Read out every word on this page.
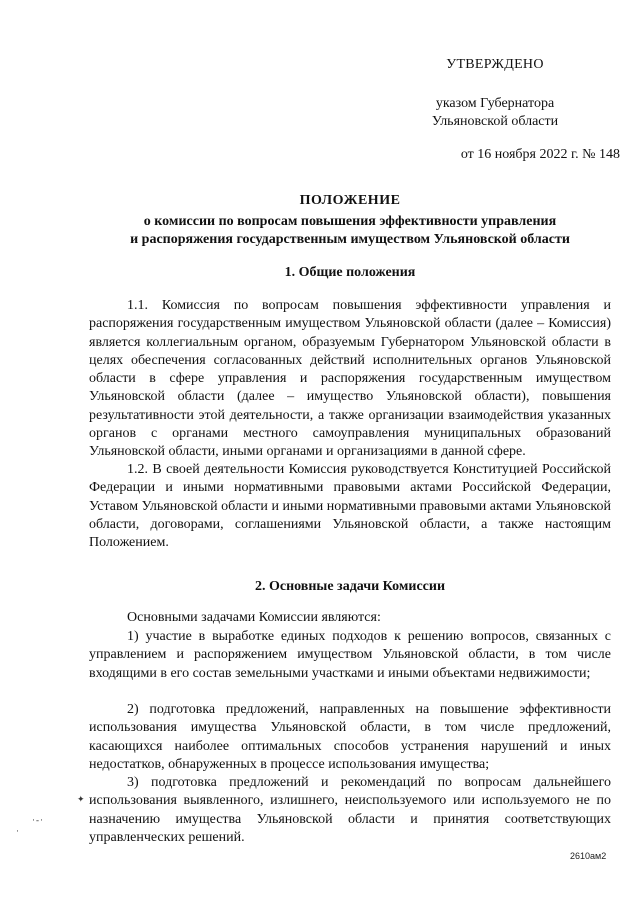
УТВЕРЖДЕНО
указом Губернатора
Ульяновской области
от 16 ноября 2022 г. № 148
ПОЛОЖЕНИЕ
о комиссии по вопросам повышения эффективности управления
и распоряжения государственным имуществом Ульяновской области
1. Общие положения

1.1. Комиссия по вопросам повышения эффективности управления и распоряжения государственным имуществом Ульяновской области (далее – Комиссия) является коллегиальным органом, образуемым Губернатором Ульяновской области в целях обеспечения согласованных действий исполнительных органов Ульяновской области в сфере управления и распоряжения государственным имуществом Ульяновской области (далее – имущество Ульяновской области), повышения результативности этой деятельности, а также организации взаимодействия указанных органов с органами местного самоуправления муниципальных образований Ульяновской области, иными органами и организациями в данной сфере.

1.2. В своей деятельности Комиссия руководствуется Конституцией Российской Федерации и иными нормативными правовыми актами Российской Федерации, Уставом Ульяновской области и иными нормативными правовыми актами Ульяновской области, договорами, соглашениями Ульяновской области, а также настоящим Положением.

2. Основные задачи Комиссии

Основными задачами Комиссии являются:

1) участие в выработке единых подходов к решению вопросов, связанных с управлением и распоряжением имуществом Ульяновской области, в том числе входящими в его состав земельными участками и иными объектами недвижимости;

2) подготовка предложений, направленных на повышение эффективности использования имущества Ульяновской области, в том числе предложений, касающихся наиболее оптимальных способов устранения нарушений и иных недостатков, обнаруженных в процессе использования имущества;

3) подготовка предложений и рекомендаций по вопросам дальнейшего использования выявленного, излишнего, неиспользуемого или используемого не по назначению имущества Ульяновской области и принятия соответствующих управленческих решений.

✦
·‐·
·
2610ам2
